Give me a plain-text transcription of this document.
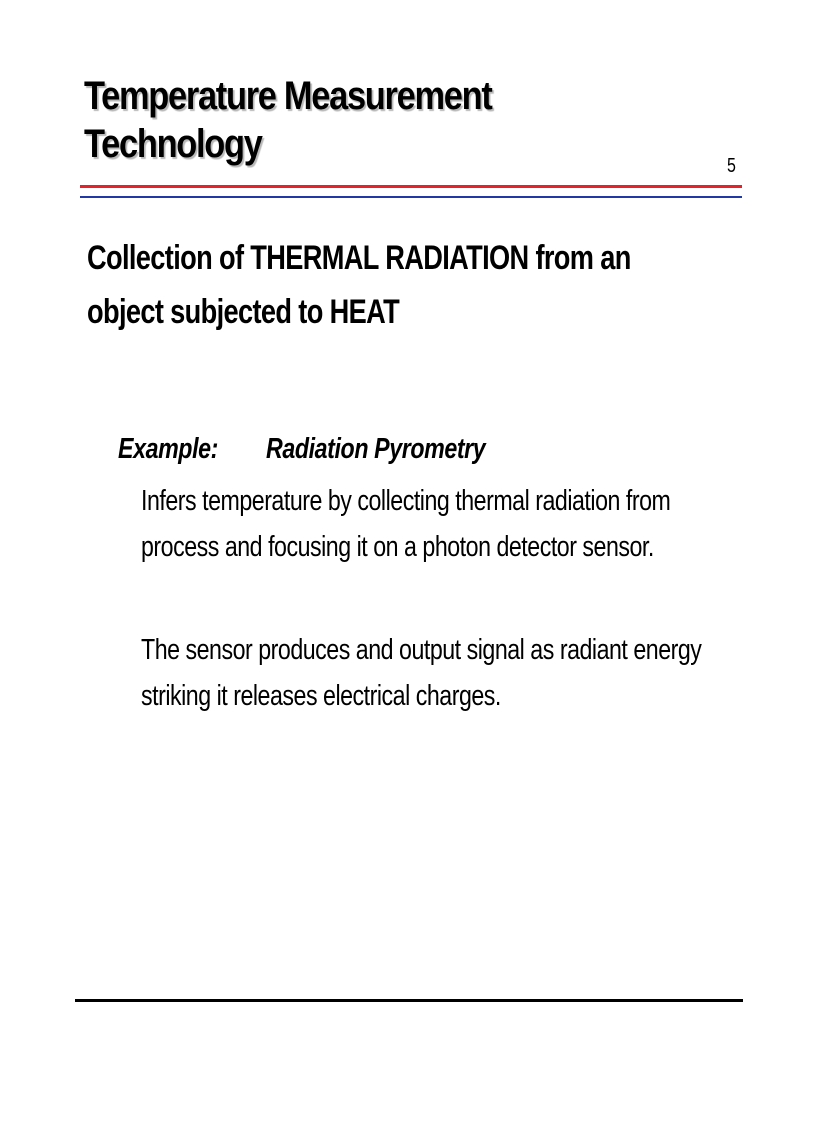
Temperature Measurement
Technology	5
Collection of THERMAL RADIATION from an
object subjected to HEAT
Example: Radiation Pyrometry

Infers temperature by collecting thermal radiation from
process and focusing it on a photon detector sensor.

The sensor produces and output signal as radiant energy
striking it releases electrical charges.
